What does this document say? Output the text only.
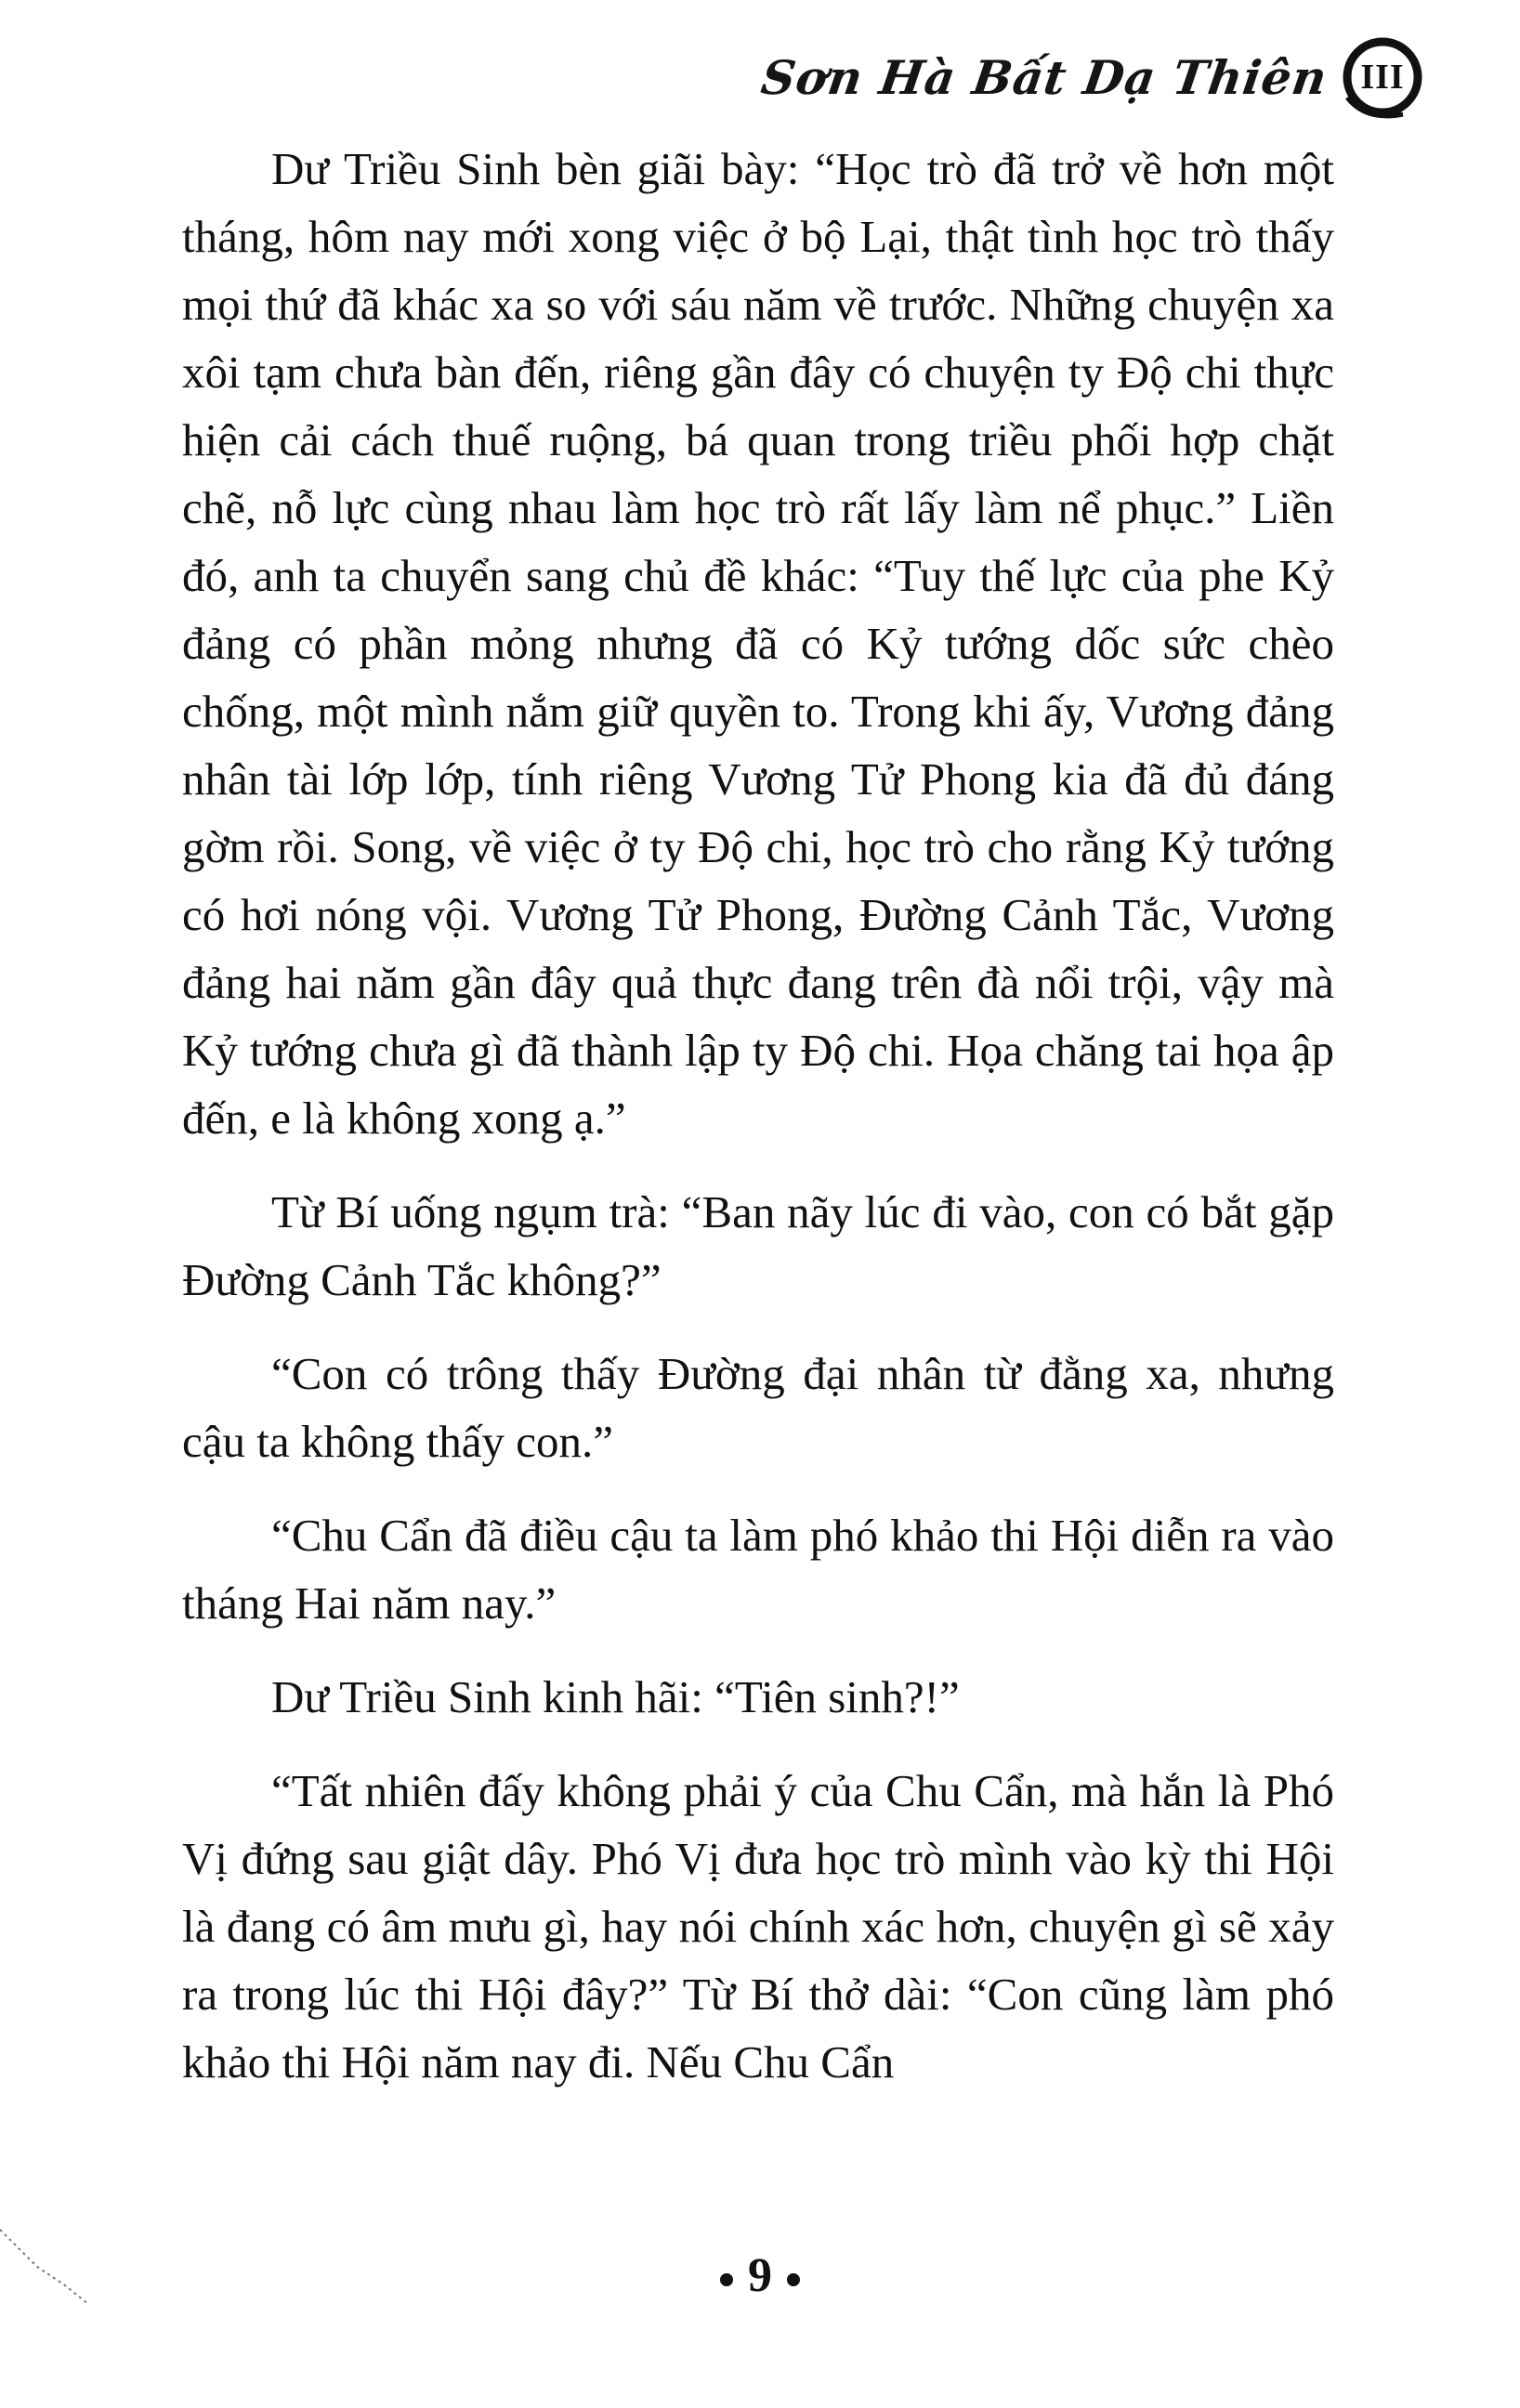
Sơn Hà Bất Dạ Thiên III

Dư Triều Sinh bèn giãi bày: “Học trò đã trở về hơn một tháng, hôm nay mới xong việc ở bộ Lại, thật tình học trò thấy mọi thứ đã khác xa so với sáu năm về trước. Những chuyện xa xôi tạm chưa bàn đến, riêng gần đây có chuyện ty Độ chi thực hiện cải cách thuế ruộng, bá quan trong triều phối hợp chặt chẽ, nỗ lực cùng nhau làm học trò rất lấy làm nể phục.” Liền đó, anh ta chuyển sang chủ đề khác: “Tuy thế lực của phe Kỷ đảng có phần mỏng nhưng đã có Kỷ tướng dốc sức chèo chống, một mình nắm giữ quyền to. Trong khi ấy, Vương đảng nhân tài lớp lớp, tính riêng Vương Tử Phong kia đã đủ đáng gờm rồi. Song, về việc ở ty Độ chi, học trò cho rằng Kỷ tướng có hơi nóng vội. Vương Tử Phong, Đường Cảnh Tắc, Vương đảng hai năm gần đây quả thực đang trên đà nổi trội, vậy mà Kỷ tướng chưa gì đã thành lập ty Độ chi. Họa chăng tai họa ập đến, e là không xong ạ.”

Từ Bí uống ngụm trà: “Ban nãy lúc đi vào, con có bắt gặp Đường Cảnh Tắc không?”

“Con có trông thấy Đường đại nhân từ đằng xa, nhưng cậu ta không thấy con.”

“Chu Cẩn đã điều cậu ta làm phó khảo thi Hội diễn ra vào tháng Hai năm nay.”

Dư Triều Sinh kinh hãi: “Tiên sinh?!”

“Tất nhiên đấy không phải ý của Chu Cẩn, mà hắn là Phó Vị đứng sau giật dây. Phó Vị đưa học trò mình vào kỳ thi Hội là đang có âm mưu gì, hay nói chính xác hơn, chuyện gì sẽ xảy ra trong lúc thi Hội đây?” Từ Bí thở dài: “Con cũng làm phó khảo thi Hội năm nay đi. Nếu Chu Cẩn

9
